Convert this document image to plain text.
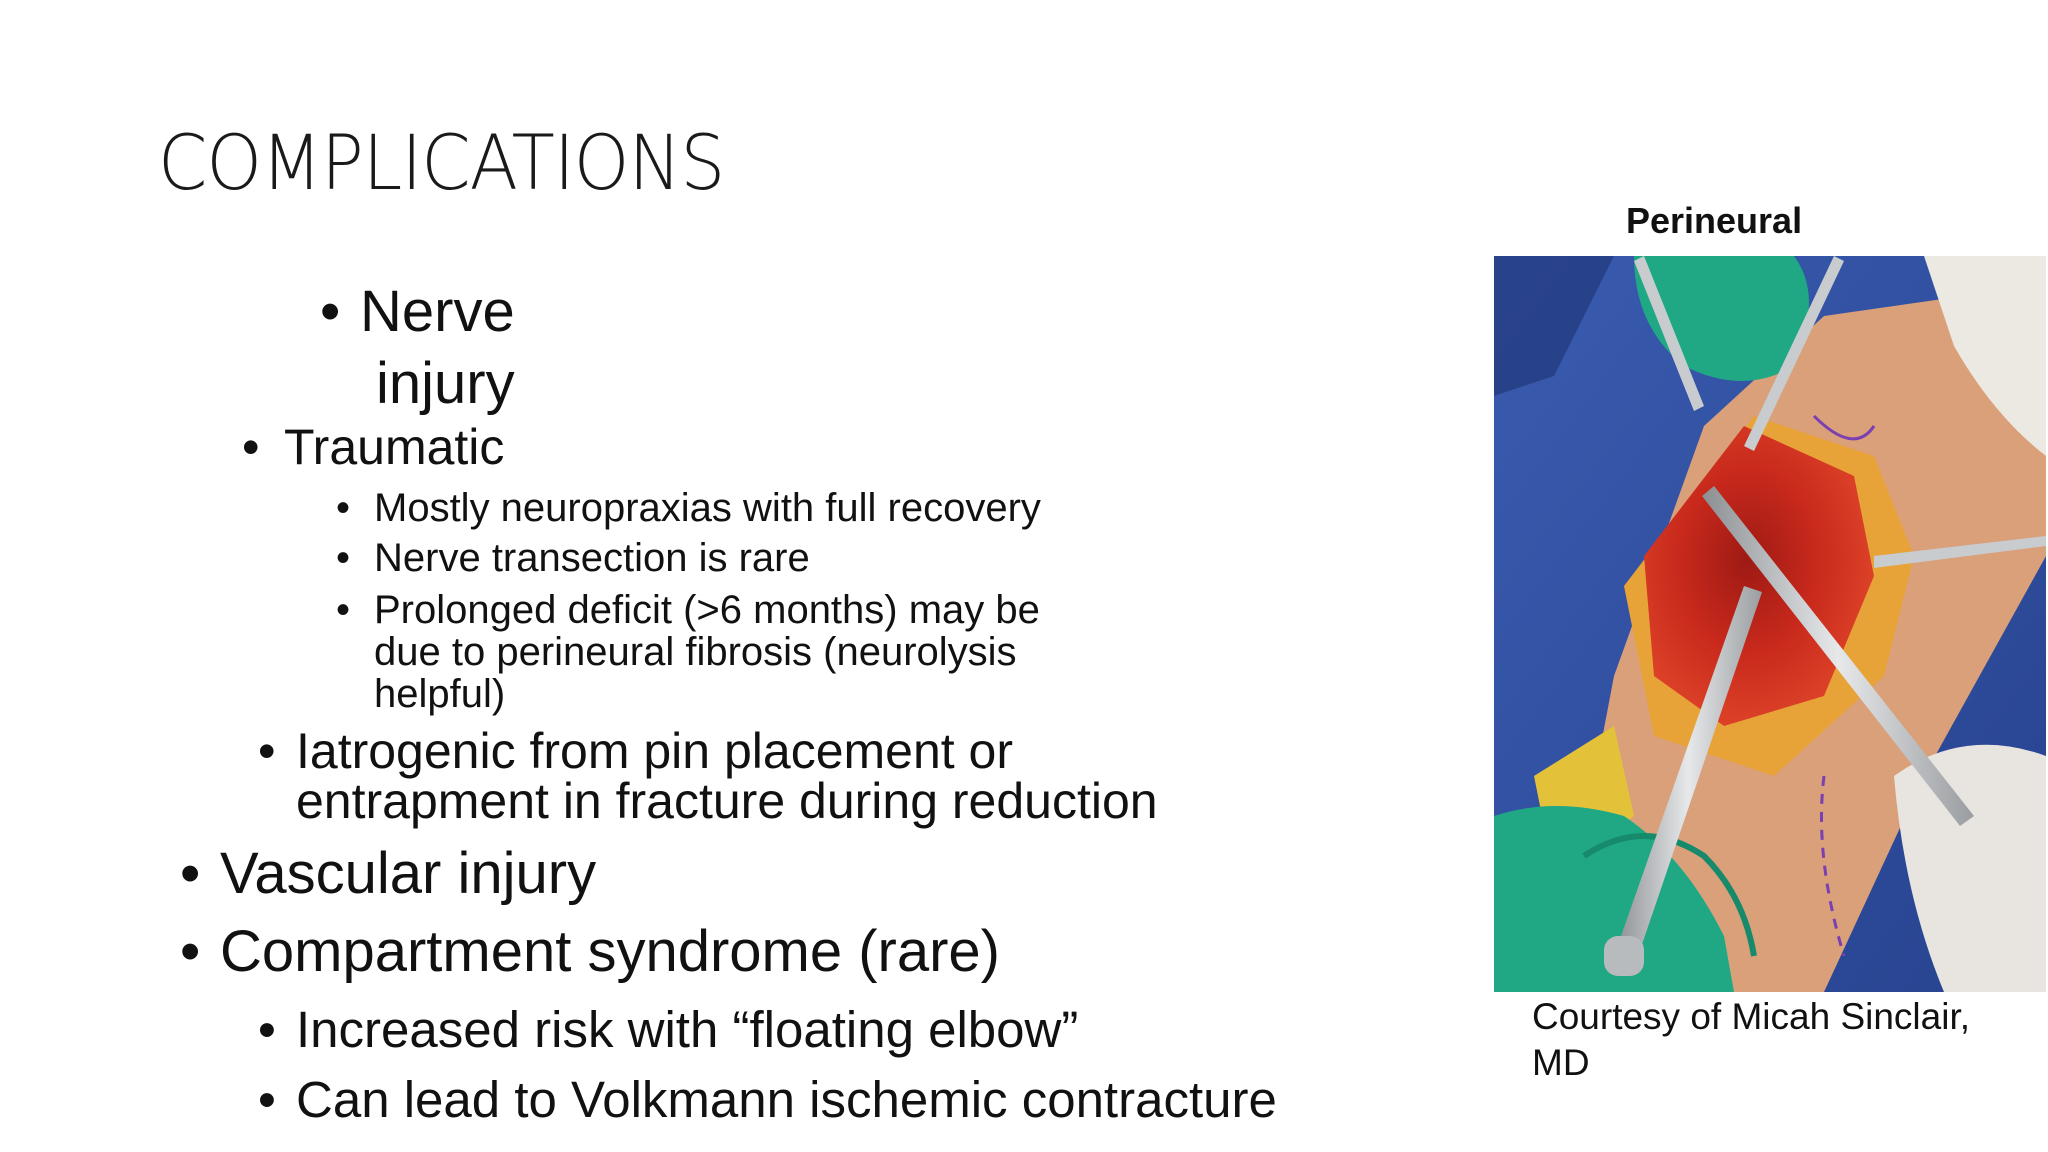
COMPLICATIONS
• Nerve
injury
• Traumatic
• Mostly neuropraxias with full recovery
• Nerve transection is rare
• Prolonged deficit (>6 months) may be
due to perineural fibrosis (neurolysis
helpful)
• Iatrogenic from pin placement or
entrapment in fracture during reduction
• Vascular injury
• Compartment syndrome (rare)
• Increased risk with “floating elbow”
• Can lead to Volkmann ischemic contracture
Perineural
Courtesy of Micah Sinclair,
MD
